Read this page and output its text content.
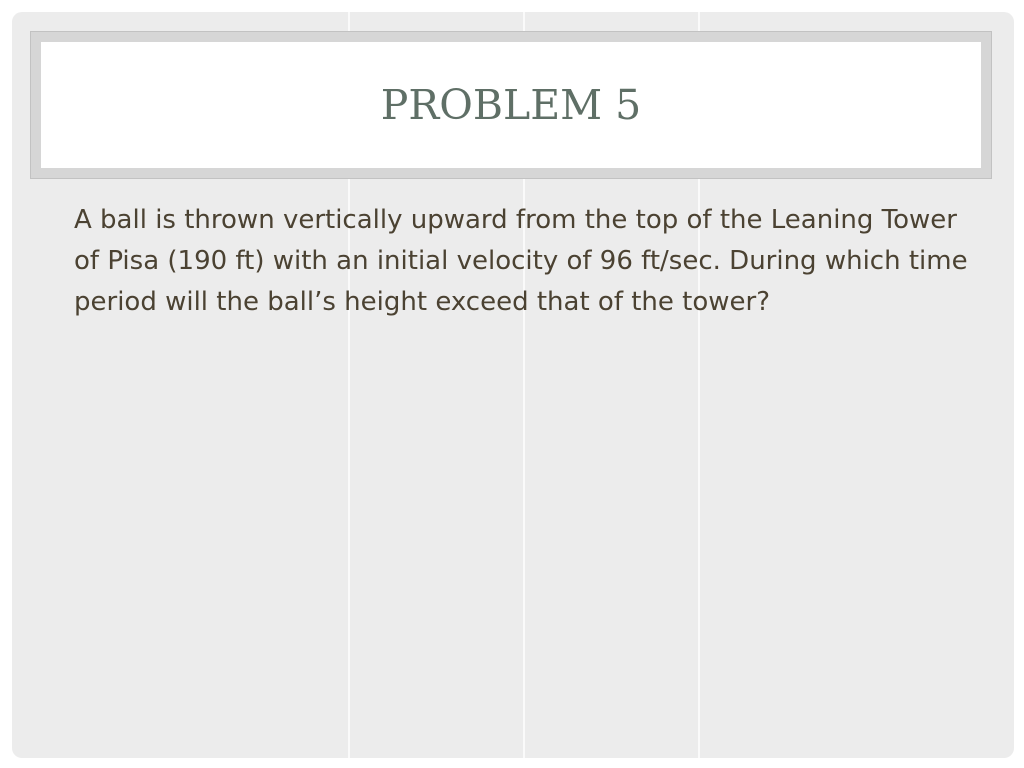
PROBLEM 5

A ball is thrown vertically upward from the top of the Leaning Tower of Pisa (190 ft) with an initial velocity of 96 ft/sec. During which time period will the ball’s height exceed that of the tower?
